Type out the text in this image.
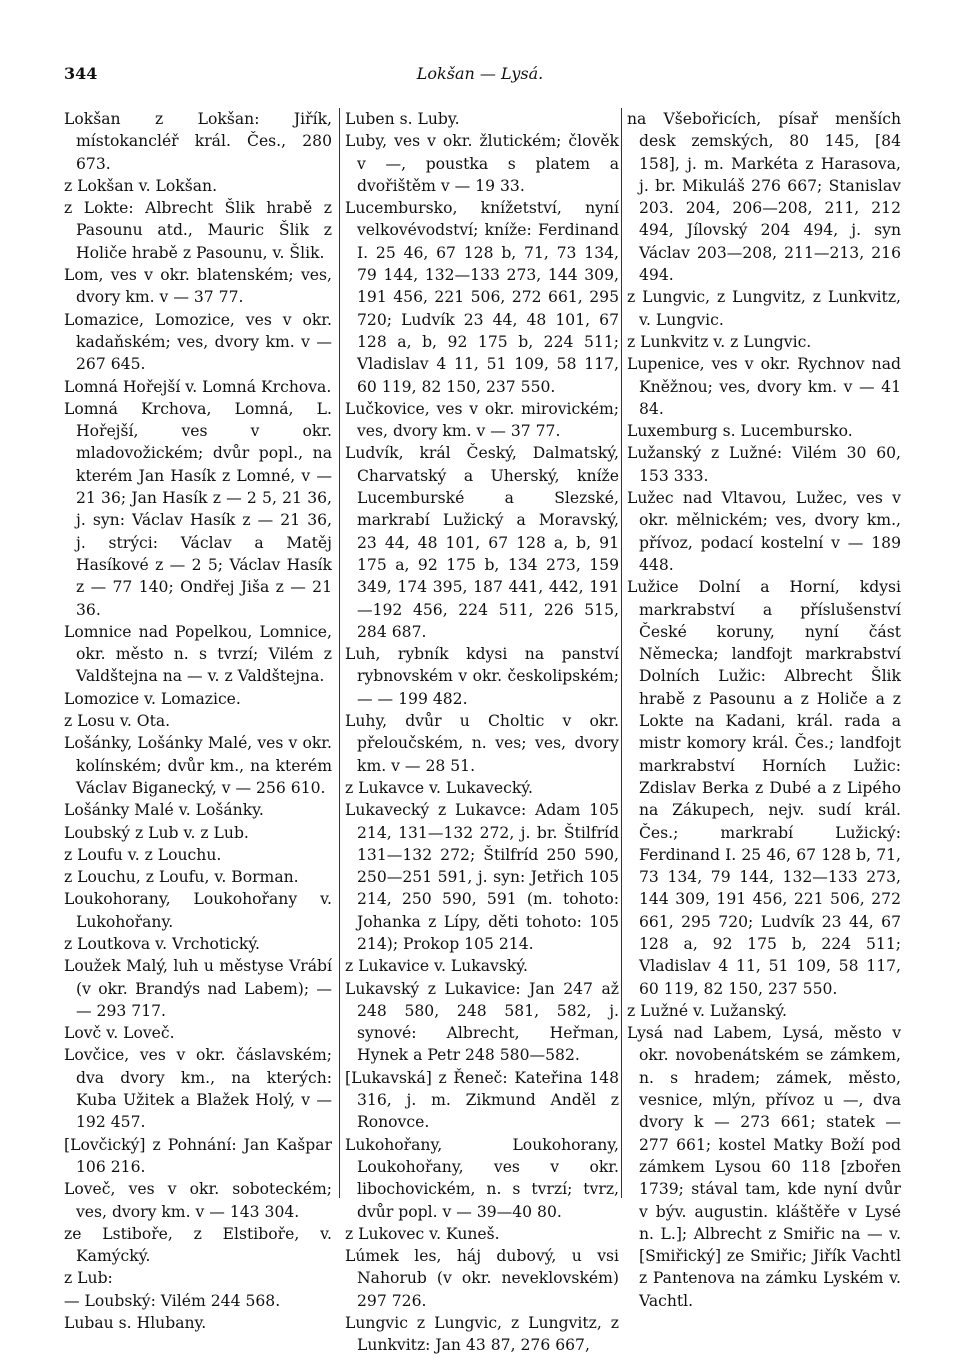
344	Lokšan — Lysá.

Lokšan z Lokšan: Jiřík, místokancléř král. Čes., 280 673.

z Lokšan v. Lokšan.

z Lokte: Albrecht Šlik hrabě z Pasounu atd., Mauric Šlik z Holiče hrabě z Pasounu, v. Šlik.

Lom, ves v okr. blatenském; ves, dvory km. v — 37 77.

Lomazice, Lomozice, ves v okr. kadaňském; ves, dvory km. v — 267 645.

Lomná Hořejší v. Lomná Krchova.

Lomná Krchova, Lomná, L. Hořejší, ves v okr. mladovožickém; dvůr popl., na kterém Jan Hasík z Lomné, v — 21 36; Jan Hasík z — 2 5, 21 36, j. syn: Václav Hasík z — 21 36, j. strýci: Václav a Matěj Hasíkové z — 2 5; Václav Hasík z — 77 140; Ondřej Jiša z — 21 36.

Lomnice nad Popelkou, Lomnice, okr. město n. s tvrzí; Vilém z Valdštejna na — v. z Valdštejna.

Lomozice v. Lomazice.

z Losu v. Ota.

Lošánky, Lošánky Malé, ves v okr. kolínském; dvůr km., na kterém Václav Biganecký, v — 256 610.

Lošánky Malé v. Lošánky.

Loubský z Lub v. z Lub.

z Loufu v. z Louchu.

z Louchu, z Loufu, v. Borman.

Loukohorany, Loukohořany v. Lukohořany.

z Loutkova v. Vrchotický.

Loužek Malý, luh u městyse Vrábí (v okr. Brandýs nad Labem); — — 293 717.

Lovč v. Loveč.

Lovčice, ves v okr. čáslavském; dva dvory km., na kterých: Kuba Užitek a Blažek Holý, v — 192 457.

[Lovčický] z Pohnání: Jan Kašpar 106 216.

Loveč, ves v okr. soboteckém; ves, dvory km. v — 143 304.

ze Lstiboře, z Elstiboře, v. Kamýcký.

z Lub:

— Loubský: Vilém 244 568.

Lubau s. Hlubany.

Luben s. Luby.

Luby, ves v okr. žlutickém; člověk v —, poustka s platem a dvořištěm v — 19 33.

Lucembursko, knížetství, nyní velkovévodství; kníže: Ferdinand I. 25 46, 67 128 b, 71, 73 134, 79 144, 132—133 273, 144 309, 191 456, 221 506, 272 661, 295 720; Ludvík 23 44, 48 101, 67 128 a, b, 92 175 b, 224 511; Vladislav 4 11, 51 109, 58 117, 60 119, 82 150, 237 550.

Lučkovice, ves v okr. mirovickém; ves, dvory km. v — 37 77.

Ludvík, král Český, Dalmatský, Charvatský a Uherský, kníže Lucemburské a Slezské, markrabí Lužický a Moravský, 23 44, 48 101, 67 128 a, b, 91 175 a, 92 175 b, 134 273, 159 349, 174 395, 187 441, 442, 191—192 456, 224 511, 226 515, 284 687.

Luh, rybník kdysi na panství rybnovském v okr. českolipském; — — 199 482.

Luhy, dvůr u Choltic v okr. přeloučském, n. ves; ves, dvory km. v — 28 51.

z Lukavce v. Lukavecký.

Lukavecký z Lukavce: Adam 105 214, 131—132 272, j. br. Štilfríd 131—132 272; Štilfríd 250 590, 250—251 591, j. syn: Jetřich 105 214, 250 590, 591 (m. tohoto: Johanka z Lípy, děti tohoto: 105 214); Prokop 105 214.

z Lukavice v. Lukavský.

Lukavský z Lukavice: Jan 247 až 248 580, 248 581, 582, j. synové: Albrecht, Heřman, Hynek a Petr 248 580—582.

[Lukavská] z Řeneč: Kateřina 148 316, j. m. Zikmund Anděl z Ronovce.

Lukohořany, Loukohorany, Loukohořany, ves v okr. libochovickém, n. s tvrzí; tvrz, dvůr popl. v — 39—40 80.

z Lukovec v. Kuneš.

Lúmek les, háj dubový, u vsi Nahorub (v okr. neveklovském) 297 726.

Lungvic z Lungvic, z Lungvitz, z Lunkvitz: Jan 43 87, 276 667,

na Všebořicích, písař menších desk zemských, 80 145, [84 158], j. m. Markéta z Harasova, j. br. Mikuláš 276 667; Stanislav 203. 204, 206—208, 211, 212 494, Jílovský 204 494, j. syn Václav 203—208, 211—213, 216 494.

z Lungvic, z Lungvitz, z Lunkvitz, v. Lungvic.

z Lunkvitz v. z Lungvic.

Lupenice, ves v okr. Rychnov nad Kněžnou; ves, dvory km. v — 41 84.

Luxemburg s. Lucembursko.

Lužanský z Lužné: Vilém 30 60, 153 333.

Lužec nad Vltavou, Lužec, ves v okr. mělnickém; ves, dvory km., přívoz, podací kostelní v — 189 448.

Lužice Dolní a Horní, kdysi markrabství a příslušenství České koruny, nyní část Německa; landfojt markrabství Dolních Lužic: Albrecht Šlik hrabě z Pasounu a z Holiče a z Lokte na Kadani, král. rada a mistr komory král. Čes.; landfojt markrabství Horních Lužic: Zdislav Berka z Dubé a z Lipého na Zákupech, nejv. sudí král. Čes.; markrabí Lužický: Ferdinand I. 25 46, 67 128 b, 71, 73 134, 79 144, 132—133 273, 144 309, 191 456, 221 506, 272 661, 295 720; Ludvík 23 44, 67 128 a, 92 175 b, 224 511; Vladislav 4 11, 51 109, 58 117, 60 119, 82 150, 237 550.

z Lužné v. Lužanský.

Lysá nad Labem, Lysá, město v okr. novobenátském se zámkem, n. s hradem; zámek, město, vesnice, mlýn, přívoz u —, dva dvory k — 273 661; statek — 277 661; kostel Matky Boží pod zámkem Lysou 60 118 [zbořen 1739; stával tam, kde nyní dvůr v býv. augustin. kláštěře v Lysé n. L.]; Albrecht z Smiřic na — v. [Smiřický] ze Smiřic; Jiřík Vachtl z Pantenova na zámku Lyském v. Vachtl.
